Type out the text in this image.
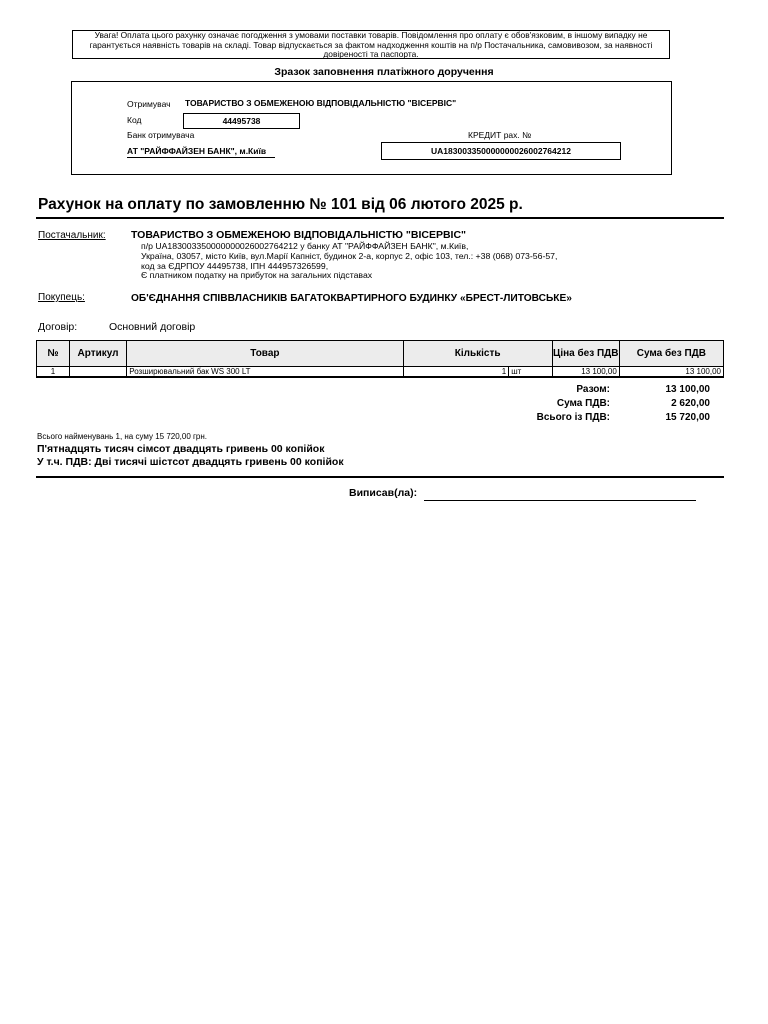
Увага! Оплата цього рахунку означає погодження з умовами поставки товарів. Повідомлення про оплату є обов'язковим, в іншому випадку не гарантується наявність товарів на складі. Товар відпускається за фактом надходження коштів на п/р Постачальника, самовивозом, за наявності довіреності та паспорта.
Зразок заповнення платіжного доручення
Отримувач ТОВАРИСТВО З ОБМЕЖЕНОЮ ВІДПОВІДАЛЬНІСТЮ "ВІСЕРВІС"
Код	44495738
Банк отримувача
АТ "РАЙФФАЙЗЕН БАНК", м.Київ
КРЕДИТ рах. №
UA183003350000000026002764212
Рахунок на оплату по замовленню № 101 від 06 лютого 2025 р.
Постачальник: ТОВАРИСТВО З ОБМЕЖЕНОЮ ВІДПОВІДАЛЬНІСТЮ "ВІСЕРВІС"
п/р UA183003350000000026002764212 у банку АТ "РАЙФФАЙЗЕН БАНК", м.Київ,
Україна, 03057, місто Київ, вул.Марії Капніст, будинок 2-а, корпус 2, офіс 103, тел.: +38 (068) 073-56-57,
код за ЄДРПОУ 44495738, ІПН 444957326599,
Є платником податку на прибуток на загальних підставах
Покупець:	ОБ'ЄДНАННЯ СПІВВЛАСНИКІВ БАГАТОКВАРТИРНОГО БУДИНКУ «БРЕСТ-ЛИТОВСЬКЕ»
Договір:	Основний договір
№	Артикул	Товар	Кількість		Ціна без ПДВ	Сума без ПДВ
1		Розширювальний бак WS 300 LT	1	шт	13 100,00	13 100,00
Разом:	13 100,00
Сума ПДВ:	2 620,00
Всього із ПДВ:	15 720,00
Всього найменувань 1, на суму 15 720,00 грн.
П'ятнадцять тисяч сімсот двадцять гривень 00 копійок
У т.ч. ПДВ: Дві тисячі шістсот двадцять гривень 00 копійок
Виписав(ла):
